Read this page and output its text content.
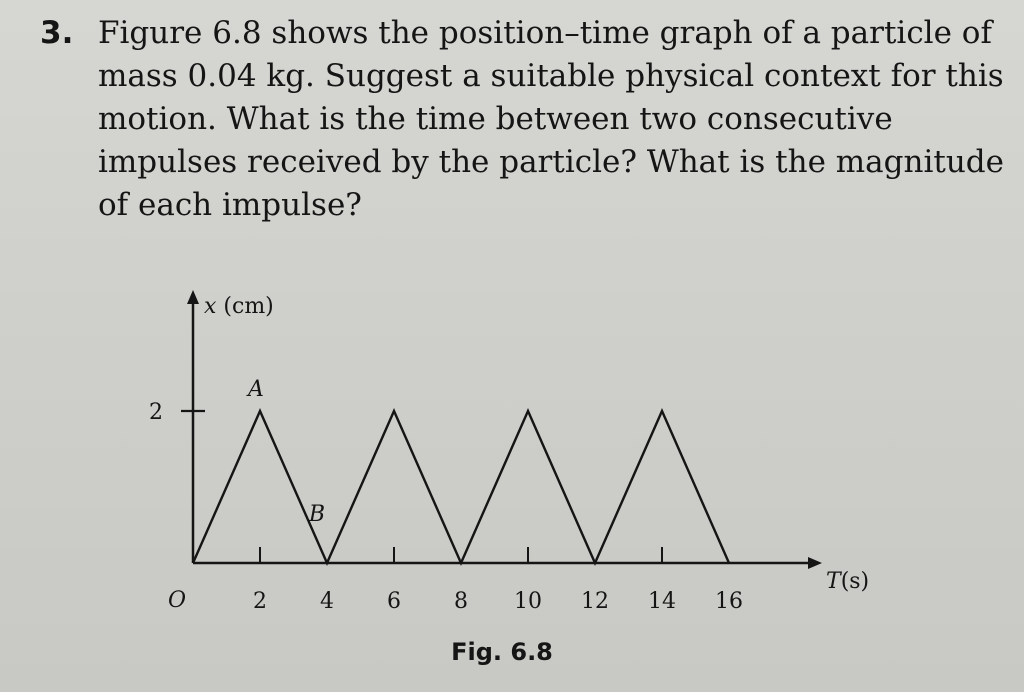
3. Figure 6.8 shows the position–time graph of a particle of mass 0.04 kg. Suggest a suitable physical context for this motion. What is the time between two consecutive impulses received by the particle? What is the magnitude of each impulse?
2 4 6 8 10 12 14 16
2
A
B
O
x (cm)
T(s)
Fig. 6.8
